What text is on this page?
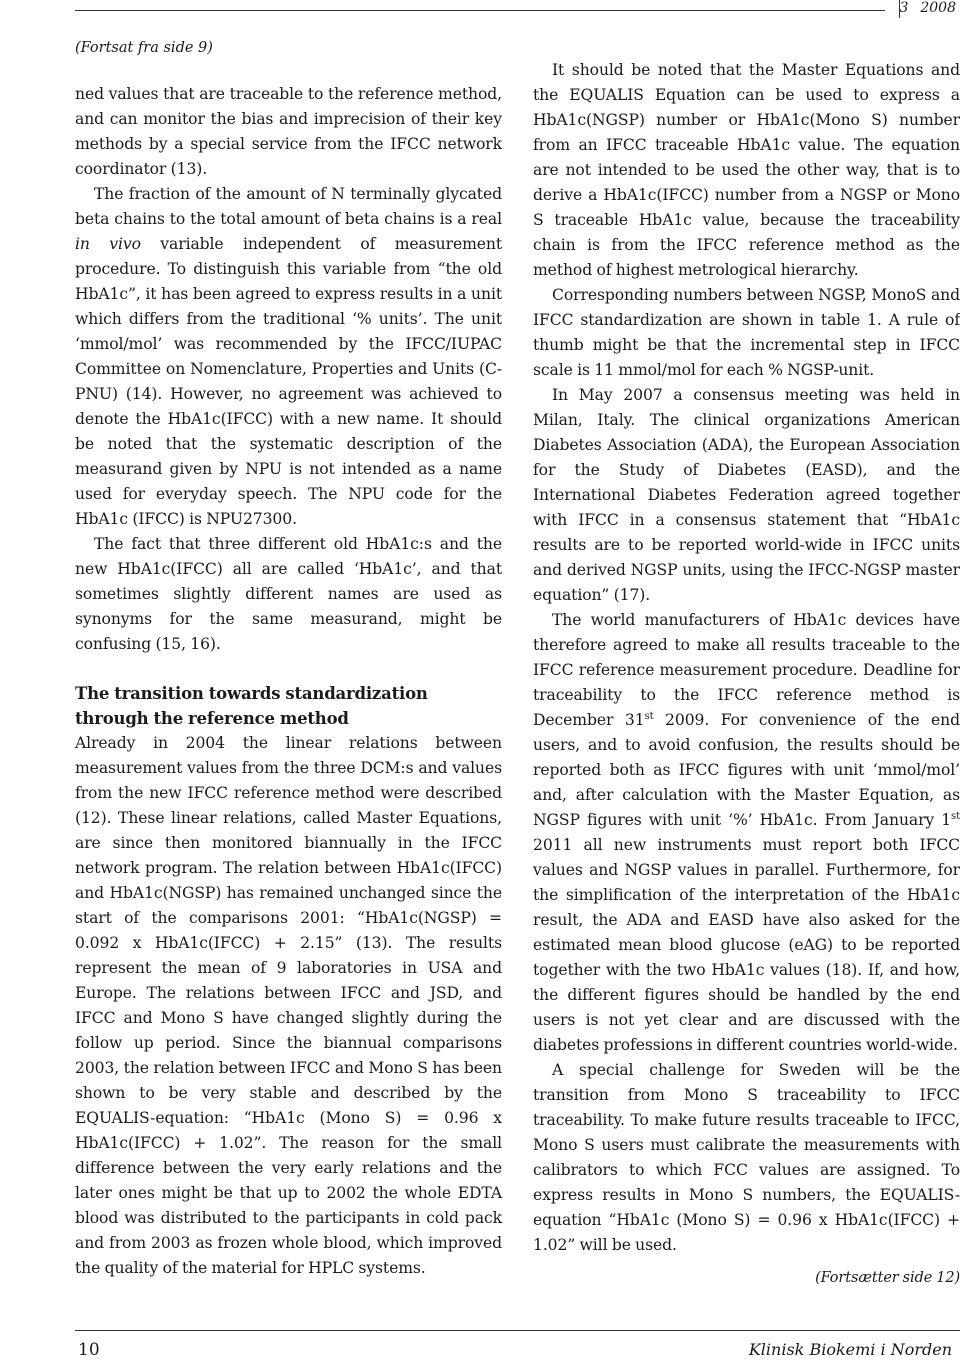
3 2008
(Fortsat fra side 9)

ned values that are traceable to the reference method, and can monitor the bias and imprecision of their key methods by a special service from the IFCC network coordinator (13).

The fraction of the amount of N terminally glycated beta chains to the total amount of beta chains is a real in vivo variable independent of measurement procedure. To distinguish this variable from “the old HbA1c”, it has been agreed to express results in a unit which differs from the traditional ‘% units’. The unit ‘mmol/mol’ was recommended by the IFCC/IUPAC Committee on Nomenclature, Properties and Units (C-PNU) (14). However, no agreement was achieved to denote the HbA1c(IFCC) with a new name. It should be noted that the systematic description of the measurand given by NPU is not intended as a name used for everyday speech. The NPU code for the HbA1c (IFCC) is NPU27300.

The fact that three different old HbA1c:s and the new HbA1c(IFCC) all are called ‘HbA1c’, and that sometimes slightly different names are used as synonyms for the same measurand, might be confusing (15, 16).

The transition towards standardization through the reference method

Already in 2004 the linear relations between measurement values from the three DCM:s and values from the new IFCC reference method were described (12). These linear relations, called Master Equations, are since then monitored biannually in the IFCC network program. The relation between HbA1c(IFCC) and HbA1c(NGSP) has remained unchanged since the start of the comparisons 2001: “HbA1c(NGSP) = 0.092 x HbA1c(IFCC) + 2.15” (13). The results represent the mean of 9 laboratories in USA and Europe. The relations between IFCC and JSD, and IFCC and Mono S have changed slightly during the follow up period. Since the biannual comparisons 2003, the relation between IFCC and Mono S has been shown to be very stable and described by the EQUALIS-equation: “HbA1c (Mono S) = 0.96 x HbA1c(IFCC) + 1.02”. The reason for the small difference between the very early relations and the later ones might be that up to 2002 the whole EDTA blood was distributed to the participants in cold pack and from 2003 as frozen whole blood, which improved the quality of the material for HPLC systems.

It should be noted that the Master Equations and the EQUALIS Equation can be used to express a HbA1c(NGSP) number or HbA1c(Mono S) number from an IFCC traceable HbA1c value. The equation are not intended to be used the other way, that is to derive a HbA1c(IFCC) number from a NGSP or Mono S traceable HbA1c value, because the traceability chain is from the IFCC reference method as the method of highest metrological hierarchy.

Corresponding numbers between NGSP, MonoS and IFCC standardization are shown in table 1. A rule of thumb might be that the incremental step in IFCC scale is 11 mmol/mol for each % NGSP-unit.

In May 2007 a consensus meeting was held in Milan, Italy. The clinical organizations American Diabetes Association (ADA), the European Association for the Study of Diabetes (EASD), and the International Diabetes Federation agreed together with IFCC in a consensus statement that “HbA1c results are to be reported world-wide in IFCC units and derived NGSP units, using the IFCC-NGSP master equation” (17).

The world manufacturers of HbA1c devices have therefore agreed to make all results traceable to the IFCC reference measurement procedure. Deadline for traceability to the IFCC reference method is December 31st 2009. For convenience of the end users, and to avoid confusion, the results should be reported both as IFCC figures with unit ‘mmol/mol’ and, after calculation with the Master Equation, as NGSP figures with unit ‘%’ HbA1c. From January 1st 2011 all new instruments must report both IFCC values and NGSP values in parallel. Furthermore, for the simplification of the interpretation of the HbA1c result, the ADA and EASD have also asked for the estimated mean blood glucose (eAG) to be reported together with the two HbA1c values (18). If, and how, the different figures should be handled by the end users is not yet clear and are discussed with the diabetes professions in different countries world-wide.

A special challenge for Sweden will be the transition from Mono S traceability to IFCC traceability. To make future results traceable to IFCC, Mono S users must calibrate the measurements with calibrators to which FCC values are assigned. To express results in Mono S numbers, the EQUALIS-equation “HbA1c (Mono S) = 0.96 x HbA1c(IFCC) + 1.02” will be used.

(Fortsætter side 12)
10	Klinisk Biokemi i Norden
